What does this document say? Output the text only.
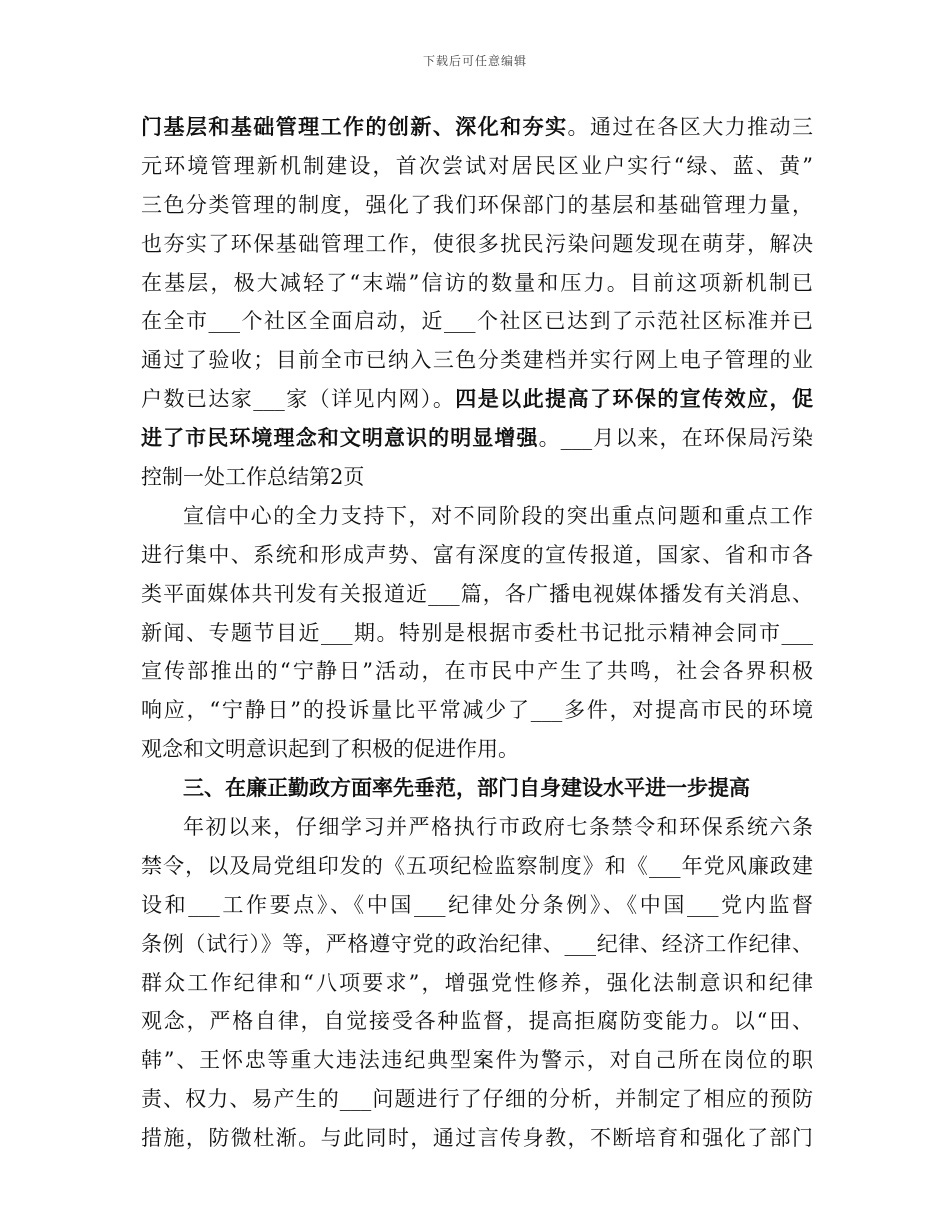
下载后可任意编辑
门基层和基础管理工作的创新、深化和夯实。通过在各区大力推动三
元环境管理新机制建设，首次尝试对居民区业户实行“绿、蓝、黄”
三色分类管理的制度，强化了我们环保部门的基层和基础管理力量，
也夯实了环保基础管理工作，使很多扰民污染问题发现在萌芽，解决
在基层，极大减轻了“末端”信访的数量和压力。目前这项新机制已
在全市___个社区全面启动，近___个社区已达到了示范社区标准并已
通过了验收；目前全市已纳入三色分类建档并实行网上电子管理的业
户数已达家___家（详见内网）。四是以此提高了环保的宣传效应，促
进了市民环境理念和文明意识的明显增强。___月以来，在环保局污染
控制一处工作总结第2页
宣信中心的全力支持下，对不同阶段的突出重点问题和重点工作
进行集中、系统和形成声势、富有深度的宣传报道，国家、省和市各
类平面媒体共刊发有关报道近___篇，各广播电视媒体播发有关消息、
新闻、专题节目近___期。特别是根据市委杜书记批示精神会同市___
宣传部推出的“宁静日”活动，在市民中产生了共鸣，社会各界积极
响应，“宁静日”的投诉量比平常减少了___多件，对提高市民的环境
观念和文明意识起到了积极的促进作用。
三、在廉正勤政方面率先垂范，部门自身建设水平进一步提高
年初以来，仔细学习并严格执行市政府七条禁令和环保系统六条
禁令，以及局党组印发的《五项纪检监察制度》和《___年党风廉政建
设和___工作要点》、《中国___纪律处分条例》、《中国___党内监督
条例（试行）》等，严格遵守党的政治纪律、___纪律、经济工作纪律、
群众工作纪律和“八项要求”，增强党性修养，强化法制意识和纪律
观念，严格自律，自觉接受各种监督，提高拒腐防变能力。以“田、
韩”、王怀忠等重大违法违纪典型案件为警示，对自己所在岗位的职
责、权力、易产生的___问题进行了仔细的分析，并制定了相应的预防
措施，防微杜渐。与此同时，通过言传身教，不断培育和强化了部门
